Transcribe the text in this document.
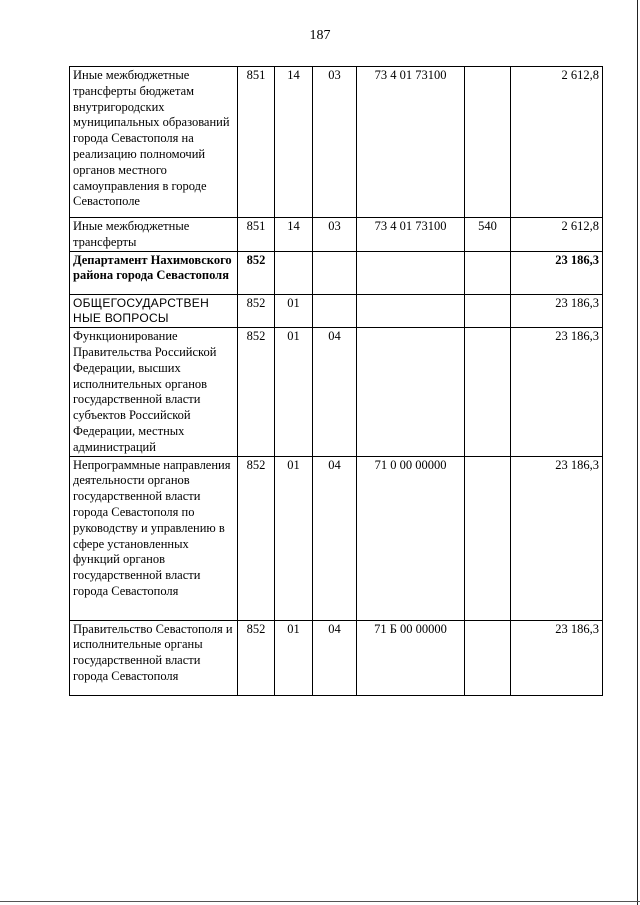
187
Иные межбюджетные трансферты бюджетам внутригородских муниципальных образований города Севастополя на реализацию полномочий органов местного самоуправления в городе Севастополе	851	14	03	73 4 01 73100		2 612,8
Иные межбюджетные трансферты	851	14	03	73 4 01 73100	540	2 612,8
Департамент Нахимовского района города Севастополя	852					23 186,3
ОБЩЕГОСУДАРСТВЕН НЫЕ ВОПРОСЫ	852	01				23 186,3
Функционирование Правительства Российской Федерации, высших исполнительных органов государственной власти субъектов Российской Федерации, местных администраций	852	01	04			23 186,3
Непрограммные направления деятельности органов государственной власти города Севастополя по руководству и управлению в сфере установленных функций органов государственной власти города Севастополя	852	01	04	71 0 00 00000		23 186,3
Правительство Севастополя и исполнительные органы государственной власти города Севастополя	852	01	04	71 Б 00 00000		23 186,3
